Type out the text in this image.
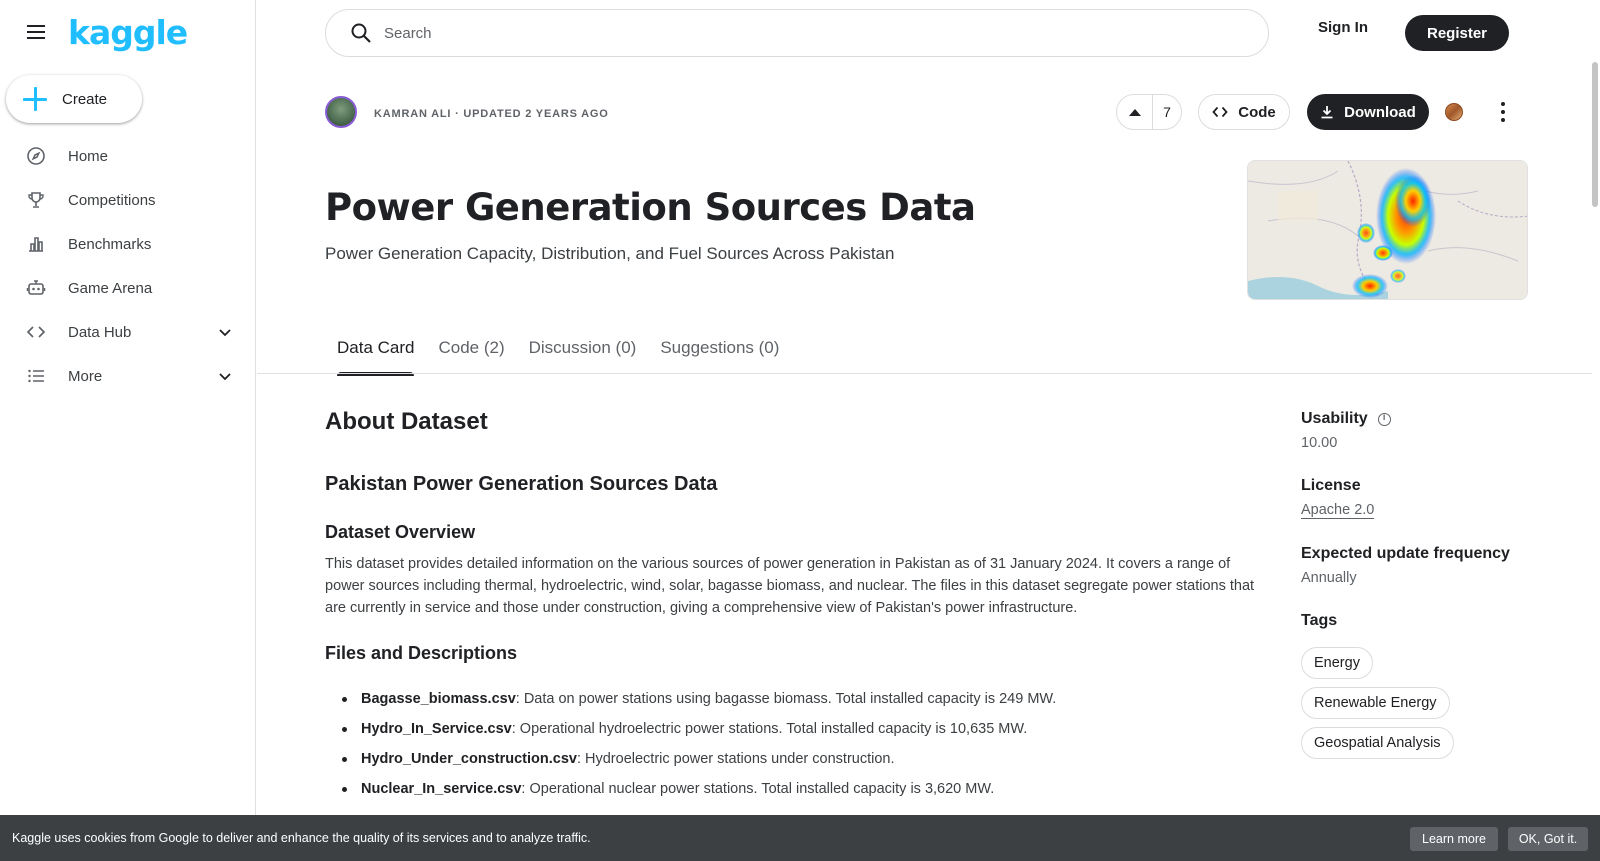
kaggle
Create
Home
Competitions
Benchmarks
Game Arena
Data Hub
More
Search
Sign In	Register
KAMRAN ALI · UPDATED 2 YEARS AGO	7	Code	Download
Power Generation Sources Data
Power Generation Capacity, Distribution, and Fuel Sources Across Pakistan
Data Card Code (2) Discussion (0) Suggestions (0)
About Dataset
Pakistan Power Generation Sources Data
Dataset Overview

This dataset provides detailed information on the various sources of power generation in Pakistan as of 31 January 2024. It covers a range of power sources including thermal, hydroelectric, wind, solar, bagasse biomass, and nuclear. The files in this dataset segregate power stations that are currently in service and those under construction, giving a comprehensive view of Pakistan's power infrastructure.

Files and Descriptions
Bagasse_biomass.csv: Data on power stations using bagasse biomass. Total installed capacity is 249 MW.
Hydro_In_Service.csv: Operational hydroelectric power stations. Total installed capacity is 10,635 MW.
Hydro_Under_construction.csv: Hydroelectric power stations under construction.
Nuclear_In_service.csv: Operational nuclear power stations. Total installed capacity is 3,620 MW.
Usability
i
10.00
License
Apache 2.0
Expected update frequency
Annually
Tags
Energy
Renewable Energy
Geospatial Analysis
Kaggle uses cookies from Google to deliver and enhance the quality of its services and to analyze traffic.	Learn more	OK, Got it.
